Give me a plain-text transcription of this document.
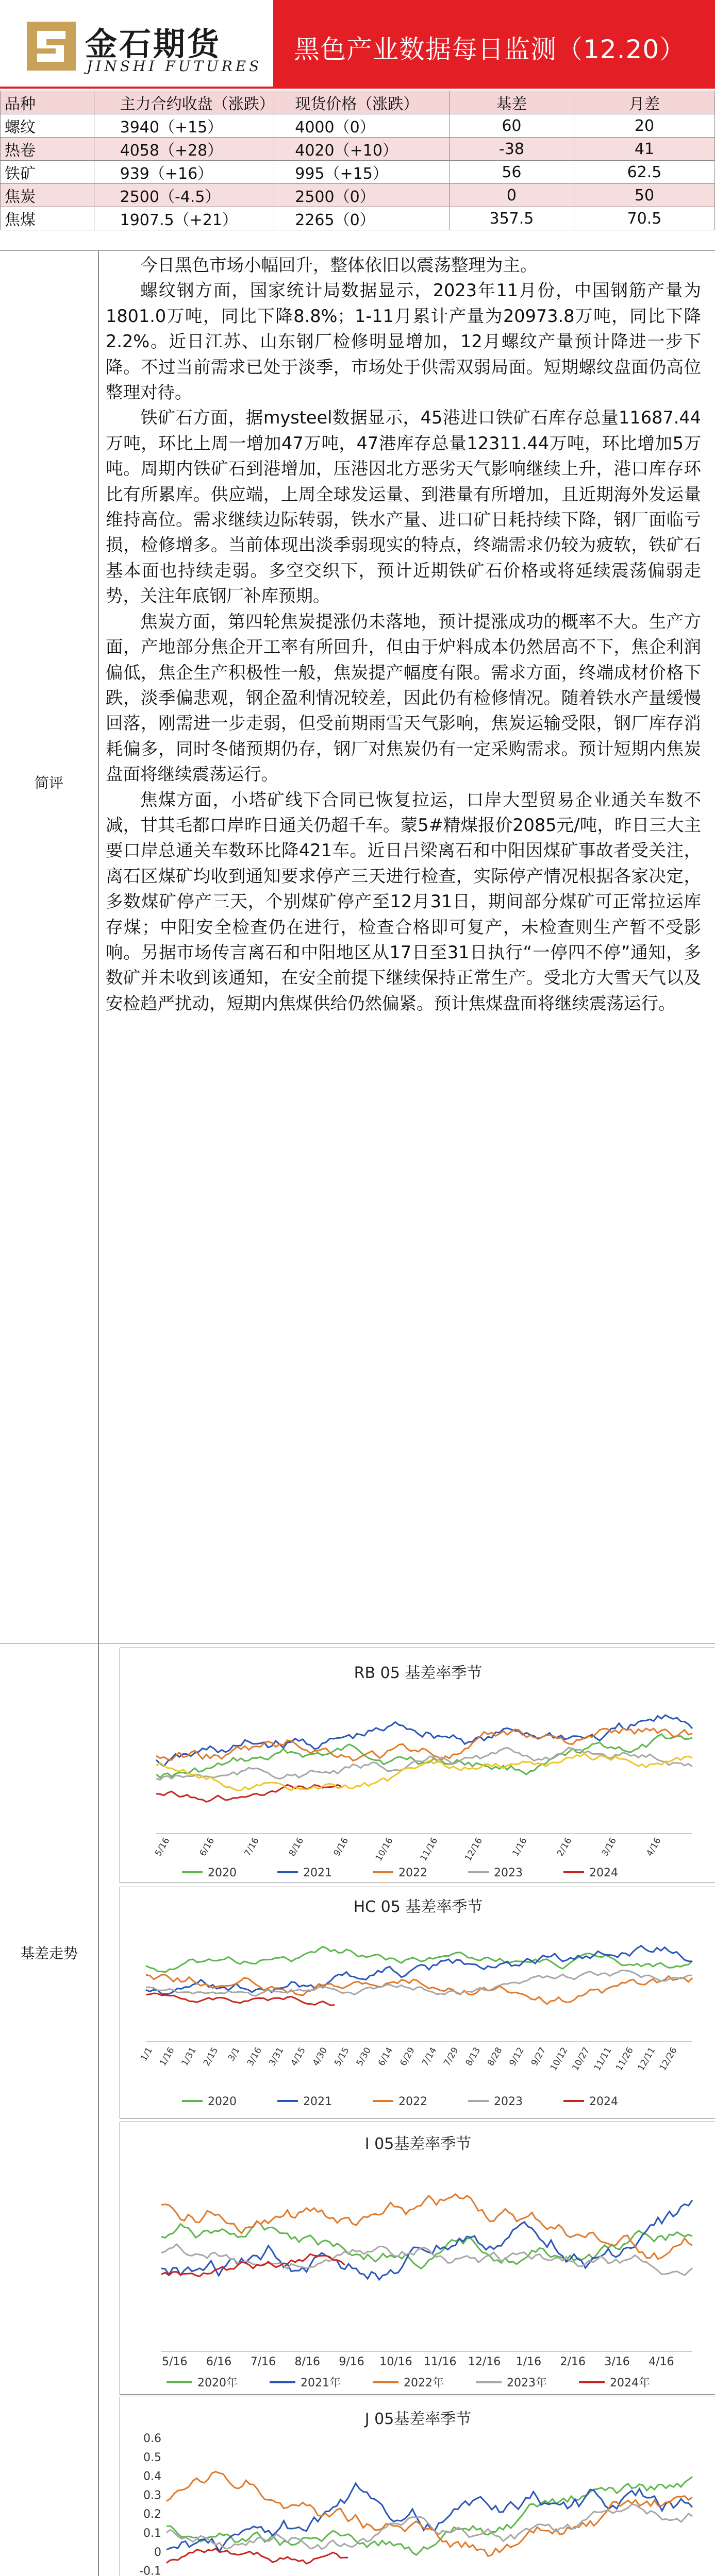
金石期货
JINSHI FUTURES
黑色产业数据每日监测（12.20）
品种	主力合约收盘（涨跌）	现货价格（涨跌）	基差	月差
螺纹	3940（+15）	4000（0）	60	20
热卷	4058（+28）	4020（+10）	-38	41
铁矿	939（+16）	995（+15）	56	62.5
焦炭	2500（-4.5）	2500（0）	0	50
焦煤	1907.5（+21）	2265（0）	357.5	70.5
简评

今日黑色市场小幅回升，整体依旧以震荡整理为主。

螺纹钢方面，国家统计局数据显示，2023年11月份，中国钢筋产量为1801.0万吨，同比下降8.8%；1-11月累计产量为20973.8万吨，同比下降2.2%。近日江苏、山东钢厂检修明显增加，12月螺纹产量预计降进一步下降。不过当前需求已处于淡季，市场处于供需双弱局面。短期螺纹盘面仍高位整理对待。

铁矿石方面，据mysteel数据显示，45港进口铁矿石库存总量11687.44万吨，环比上周一增加47万吨，47港库存总量12311.44万吨，环比增加5万吨。周期内铁矿石到港增加，压港因北方恶劣天气影响继续上升，港口库存环比有所累库。供应端，上周全球发运量、到港量有所增加，且近期海外发运量维持高位。需求继续边际转弱，铁水产量、进口矿日耗持续下降，钢厂面临亏损，检修增多。当前体现出淡季弱现实的特点，终端需求仍较为疲软，铁矿石基本面也持续走弱。多空交织下，预计近期铁矿石价格或将延续震荡偏弱走势，关注年底钢厂补库预期。

焦炭方面，第四轮焦炭提涨仍未落地，预计提涨成功的概率不大。生产方面，产地部分焦企开工率有所回升，但由于炉料成本仍然居高不下，焦企利润偏低，焦企生产积极性一般，焦炭提产幅度有限。需求方面，终端成材价格下跌，淡季偏悲观，钢企盈利情况较差，因此仍有检修情况。随着铁水产量缓慢回落，刚需进一步走弱，但受前期雨雪天气影响，焦炭运输受限，钢厂库存消耗偏多，同时冬储预期仍存，钢厂对焦炭仍有一定采购需求。预计短期内焦炭盘面将继续震荡运行。

焦煤方面，小塔矿线下合同已恢复拉运，口岸大型贸易企业通关车数不减，甘其毛都口岸昨日通关仍超千车。蒙5#精煤报价2085元/吨，昨日三大主要口岸总通关车数环比降421车。近日吕梁离石和中阳因煤矿事故者受关注，离石区煤矿均收到通知要求停产三天进行检查，实际停产情况根据各家决定，多数煤矿停产三天，个别煤矿停产至12月31日，期间部分煤矿可正常拉运库存煤；中阳安全检查仍在进行，检查合格即可复产，未检查则生产暂不受影响。另据市场传言离石和中阳地区从17日至31日执行“一停四不停”通知，多数矿并未收到该通知，在安全前提下继续保持正常生产。受北方大雪天气以及安检趋严扰动，短期内焦煤供给仍然偏紧。预计焦煤盘面将继续震荡运行。

基差走势
RB 05 基差率季节
5/16	6/16	7/16	8/16	9/16	10/16	11/16	12/16	1/16	2/16	3/16	4/16
2020	2021	2022	2023	2024
HC 05 基差率季节
1/1 1/16 1/31 2/15 3/1 3/16 3/31 4/15 4/30 5/15 5/30 6/14 6/29 7/14 7/29 8/13 8/28 9/12 9/27 10/12 10/27 11/11 11/26 12/11 12/26
2020	2021	2022	2023	2024
I 05基差率季节
5/16 6/16 7/16 8/16 9/16 10/16 11/16 12/16 1/16 2/16 3/16 4/16
2020年	2021年	2022年	2023年	2024年
J 05基差率季节
0.6
0.5
0.4
0.3
0.2
0.1
0
-0.1
